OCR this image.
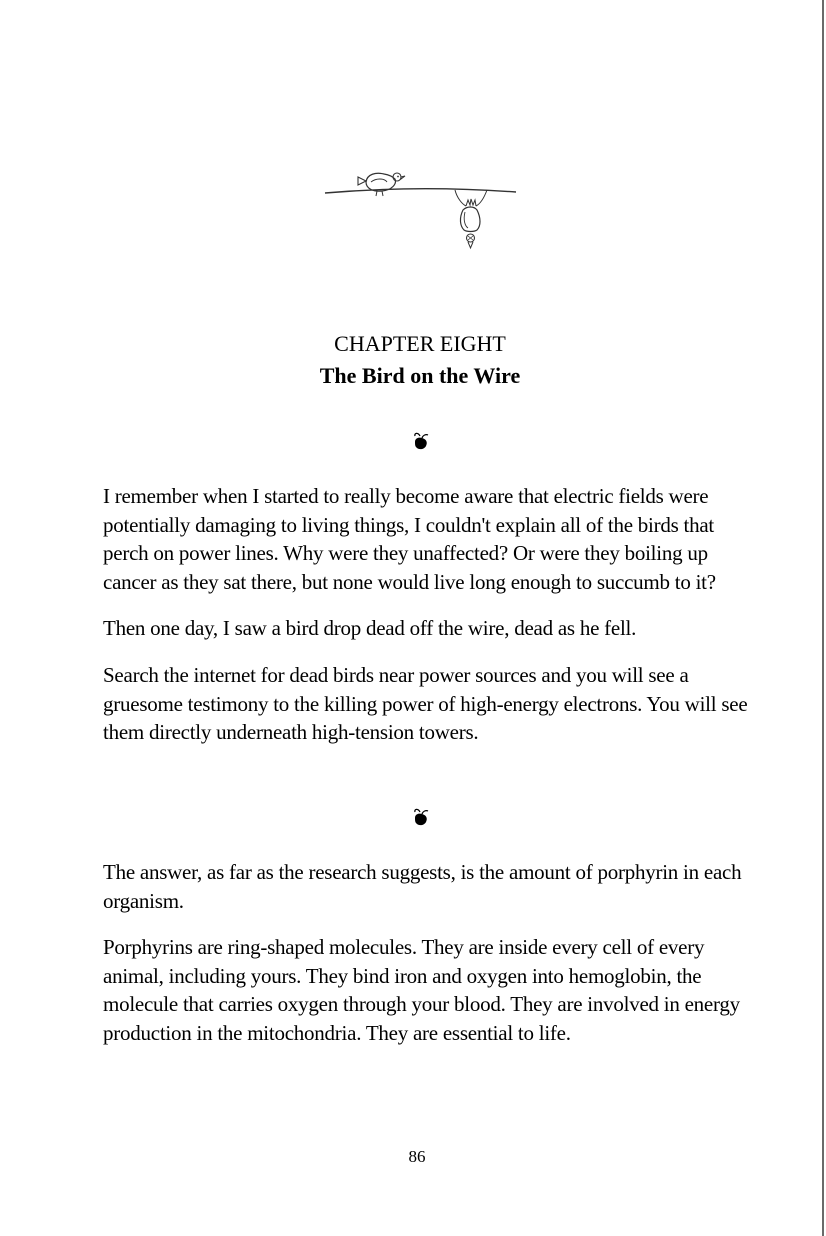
CHAPTER EIGHT
The Bird on the Wire

I remember when I started to really become aware that electric fields were potentially damaging to living things, I couldn't explain all of the birds that perch on power lines. Why were they unaffected? Or were they boiling up cancer as they sat there, but none would live long enough to succumb to it?

Then one day, I saw a bird drop dead off the wire, dead as he fell.

Search the internet for dead birds near power sources and you will see a gruesome testimony to the killing power of high-energy electrons. You will see them directly underneath high-tension towers.

The answer, as far as the research suggests, is the amount of porphyrin in each organism.

Porphyrins are ring-shaped molecules. They are inside every cell of every animal, including yours. They bind iron and oxygen into hemoglobin, the molecule that carries oxygen through your blood. They are involved in energy production in the mitochondria. They are essential to life.

86
